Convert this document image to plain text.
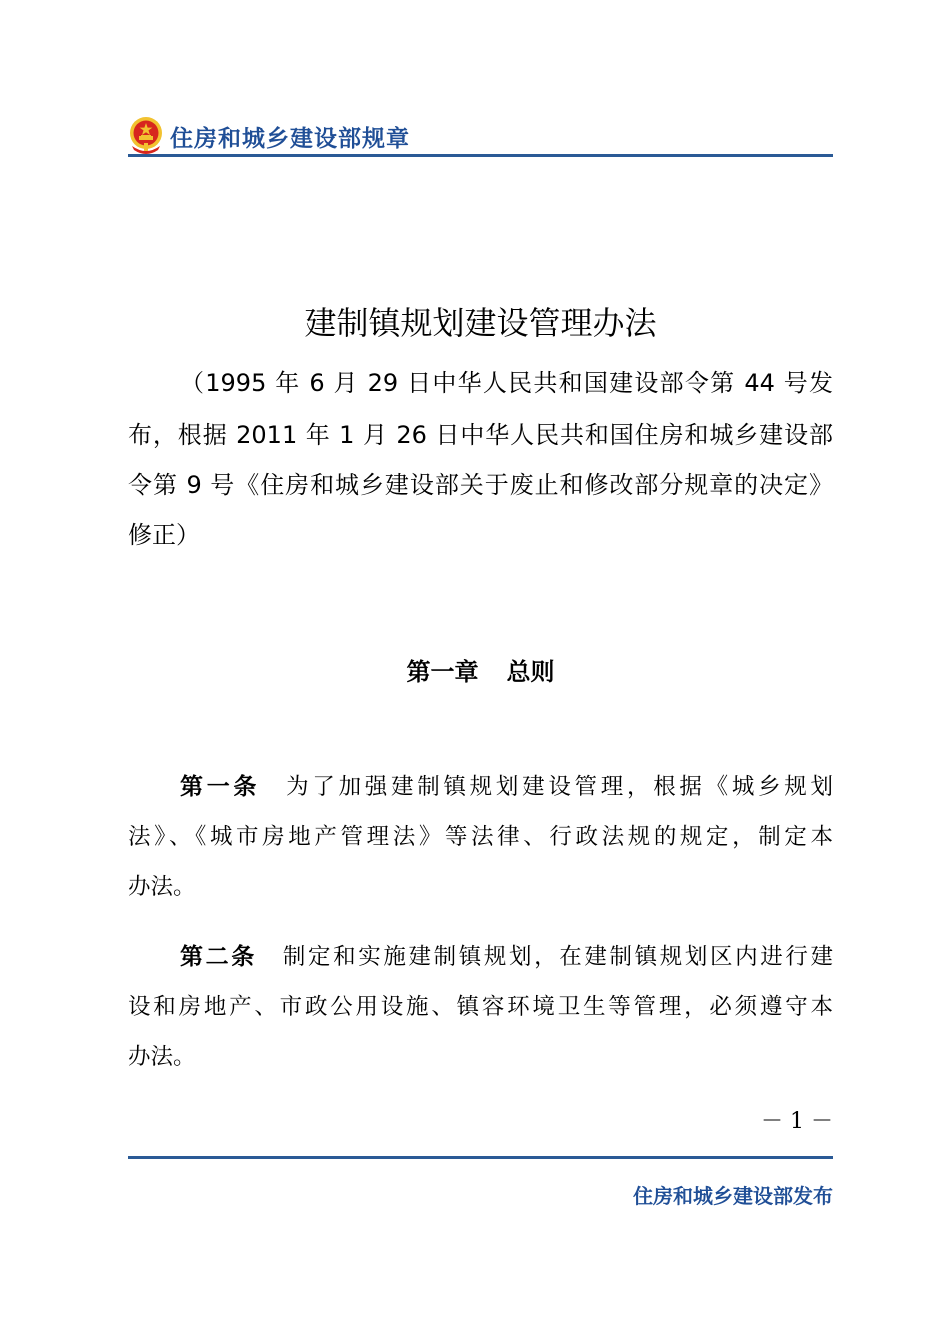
住房和城乡建设部规章
建制镇规划建设管理办法
（1995 年 6 月 29 日中华人民共和国建设部令第 44 号发
布，根据 2011 年 1 月 26 日中华人民共和国住房和城乡建设部
令第 9 号《住房和城乡建设部关于废止和修改部分规章的决定》
修正）
第一章 总则
第一条 为了加强建制镇规划建设管理，根据《城乡规划
法》、《城市房地产管理法》等法律、行政法规的规定，制定本
办法。
第二条 制定和实施建制镇规划，在建制镇规划区内进行建
设和房地产、市政公用设施、镇容环境卫生等管理，必须遵守本
办法。
－ 1 －
住房和城乡建设部发布
